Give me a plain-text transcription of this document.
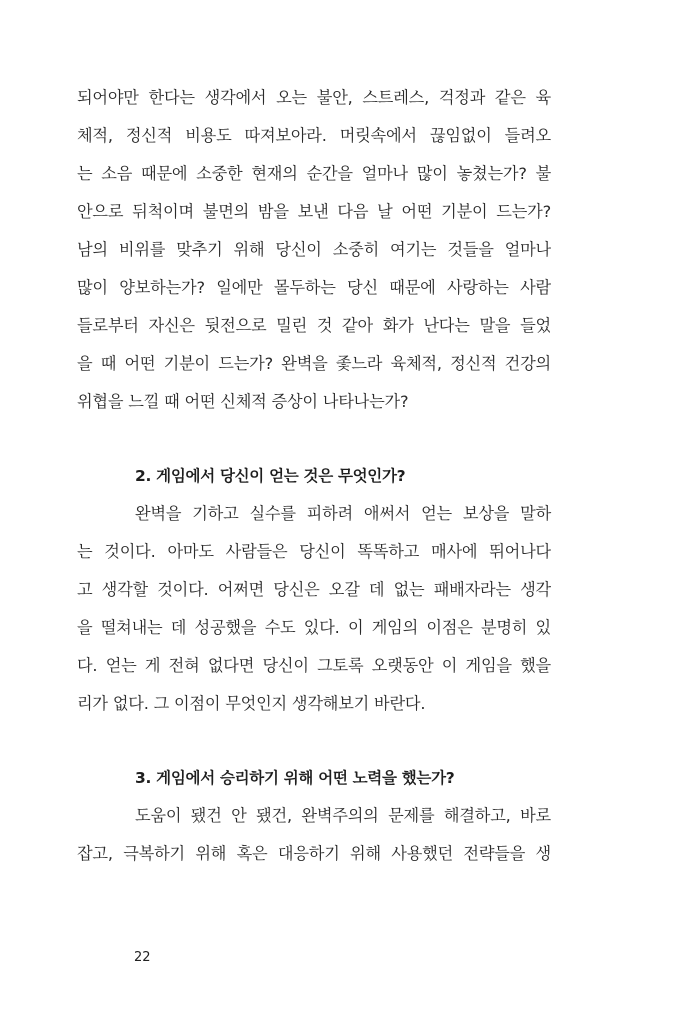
되어야만 한다는 생각에서 오는 불안, 스트레스, 걱정과 같은 육
체적, 정신적 비용도 따져보아라. 머릿속에서 끊임없이 들려오
는 소음 때문에 소중한 현재의 순간을 얼마나 많이 놓쳤는가? 불
안으로 뒤척이며 불면의 밤을 보낸 다음 날 어떤 기분이 드는가?
남의 비위를 맞추기 위해 당신이 소중히 여기는 것들을 얼마나
많이 양보하는가? 일에만 몰두하는 당신 때문에 사랑하는 사람
들로부터 자신은 뒷전으로 밀린 것 같아 화가 난다는 말을 들었
을 때 어떤 기분이 드는가? 완벽을 좇느라 육체적, 정신적 건강의
위협을 느낄 때 어떤 신체적 증상이 나타나는가?
2. 게임에서 당신이 얻는 것은 무엇인가?
완벽을 기하고 실수를 피하려 애써서 얻는 보상을 말하
는 것이다. 아마도 사람들은 당신이 똑똑하고 매사에 뛰어나다
고 생각할 것이다. 어쩌면 당신은 오갈 데 없는 패배자라는 생각
을 떨쳐내는 데 성공했을 수도 있다. 이 게임의 이점은 분명히 있
다. 얻는 게 전혀 없다면 당신이 그토록 오랫동안 이 게임을 했을
리가 없다. 그 이점이 무엇인지 생각해보기 바란다.
3. 게임에서 승리하기 위해 어떤 노력을 했는가?
도움이 됐건 안 됐건, 완벽주의의 문제를 해결하고, 바로
잡고, 극복하기 위해 혹은 대응하기 위해 사용했던 전략들을 생
22
